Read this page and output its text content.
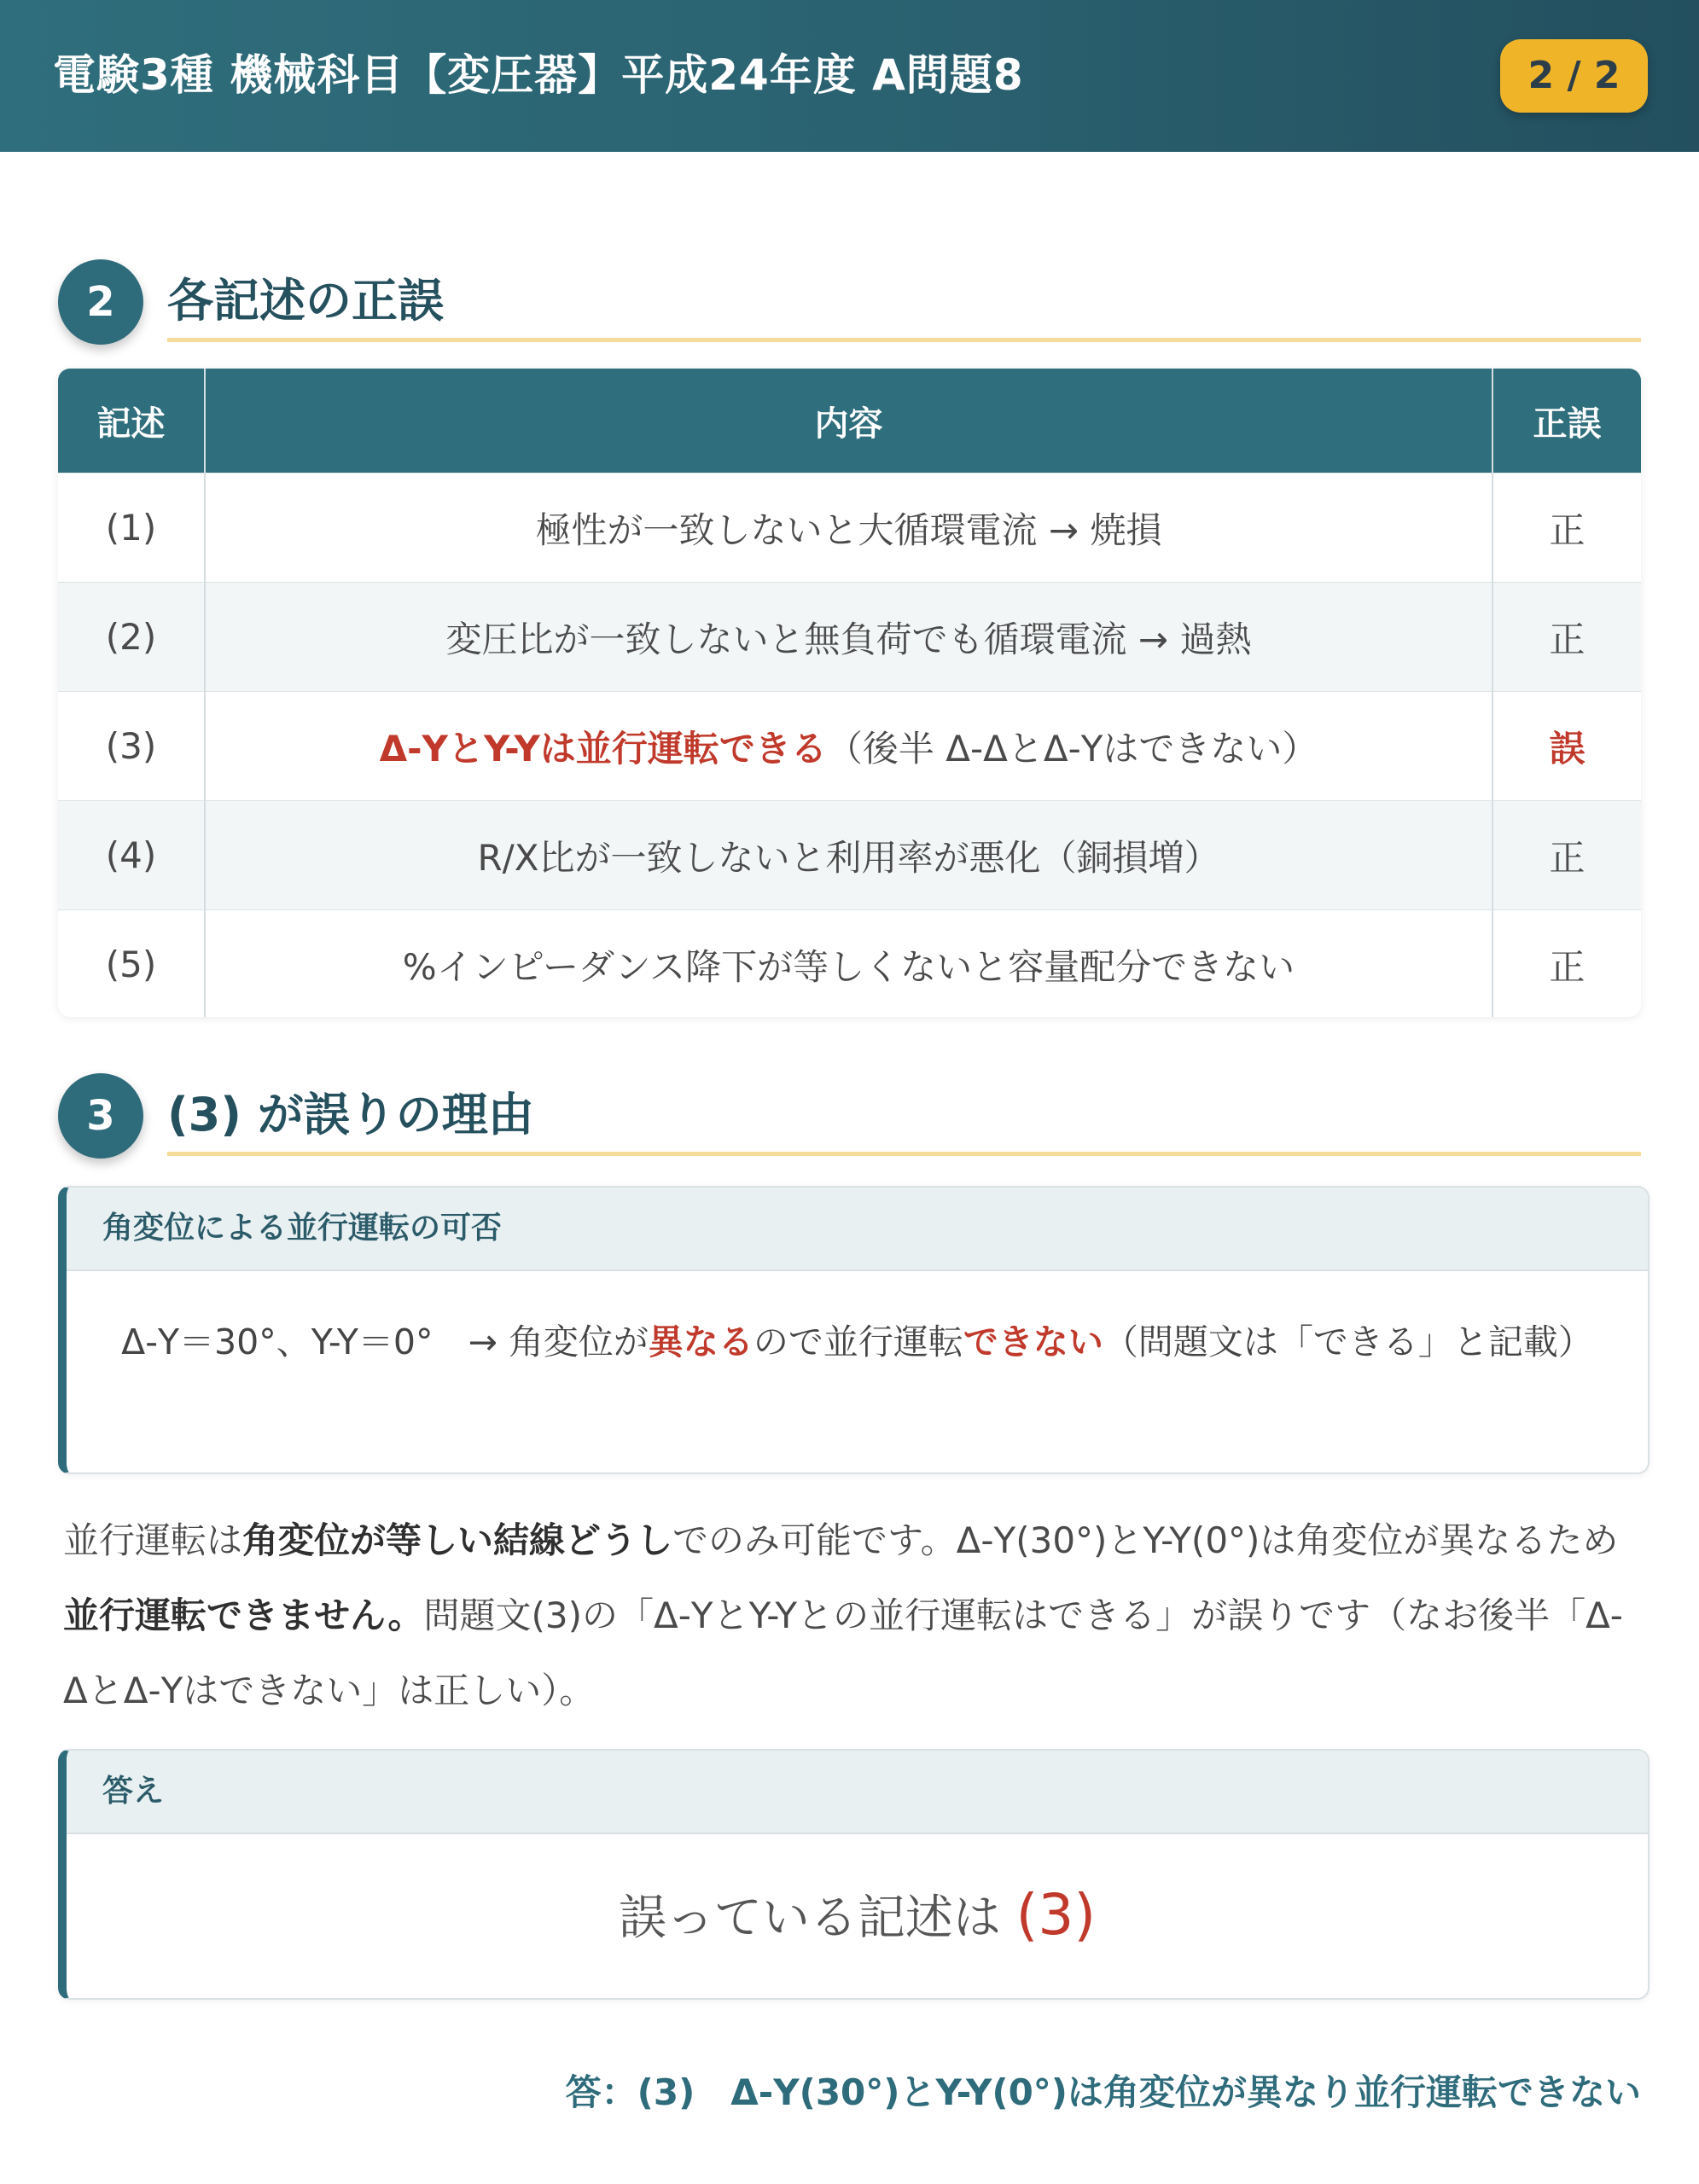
電験3種 機械科目【変圧器】平成24年度 A問題8	2 / 2
2	各記述の正誤
記述	内容	正誤
(1)	極性が一致しないと大循環電流 → 焼損	正
(2)	変圧比が一致しないと無負荷でも循環電流 → 過熱	正
(3)	Δ-YとY-Yは並行運転できる（後半 Δ-ΔとΔ-Yはできない）	誤
(4)	R/X比が一致しないと利用率が悪化（銅損増）	正
(5)	%インピーダンス降下が等しくないと容量配分できない	正
3	(3) が誤りの理由
角変位による並行運転の可否
Δ-Y＝30°、Y-Y＝0°　→ 角変位が異なるので並行運転できない（問題文は「できる」と記載）
並行運転は角変位が等しい結線どうしでのみ可能です。Δ-Y(30°)とY-Y(0°)は角変位が異なるため並行運転できません。問題文(3)の「Δ-YとY-Yとの並行運転はできる」が誤りです（なお後半「Δ-ΔとΔ-Yはできない」は正しい）。
答え
誤っている記述は (3)
答：(3)　Δ-Y(30°)とY-Y(0°)は角変位が異なり並行運転できない
